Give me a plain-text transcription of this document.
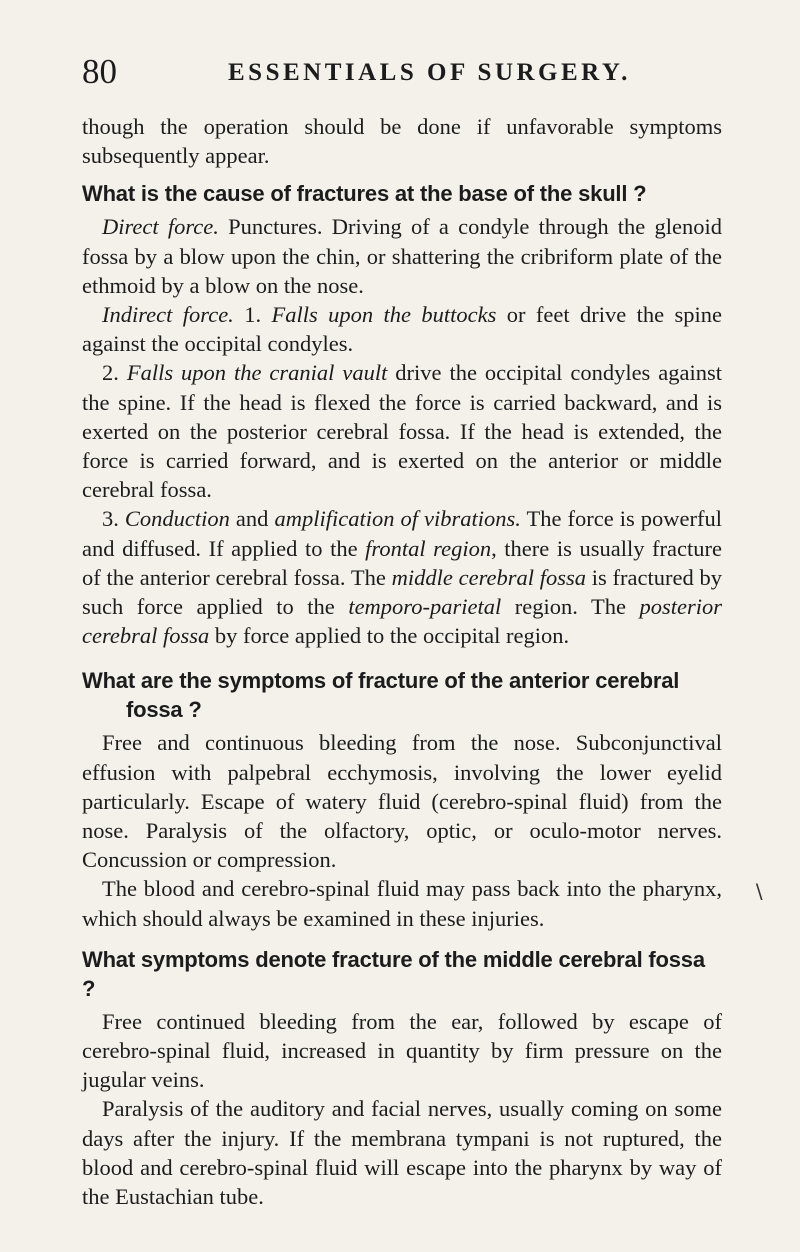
80	ESSENTIALS OF SURGERY.

though the operation should be done if unfavorable symptoms subsequently appear.

What is the cause of fractures at the base of the skull ?

Direct force. Punctures. Driving of a condyle through the glenoid fossa by a blow upon the chin, or shattering the cribriform plate of the ethmoid by a blow on the nose.

Indirect force. 1. Falls upon the buttocks or feet drive the spine against the occipital condyles.

2. Falls upon the cranial vault drive the occipital condyles against the spine. If the head is flexed the force is carried backward, and is exerted on the posterior cerebral fossa. If the head is extended, the force is carried forward, and is exerted on the anterior or middle cerebral fossa.

3. Conduction and amplification of vibrations. The force is powerful and diffused. If applied to the frontal region, there is usually fracture of the anterior cerebral fossa. The middle cerebral fossa is fractured by such force applied to the temporo-parietal region. The posterior cerebral fossa by force applied to the occipital region.

What are the symptoms of fracture of the anterior cerebral
fossa ?

Free and continuous bleeding from the nose. Subconjunctival effusion with palpebral ecchymosis, involving the lower eyelid particularly. Escape of watery fluid (cerebro-spinal fluid) from the nose. Paralysis of the olfactory, optic, or oculo-motor nerves. Concussion or compression.

The blood and cerebro-spinal fluid may pass back into the pharynx, which should always be examined in these injuries.

What symptoms denote fracture of the middle cerebral fossa ?

Free continued bleeding from the ear, followed by escape of cerebro-spinal fluid, increased in quantity by firm pressure on the jugular veins.

Paralysis of the auditory and facial nerves, usually coming on some days after the injury. If the membrana tympani is not ruptured, the blood and cerebro-spinal fluid will escape into the pharynx by way of the Eustachian tube.

∖
